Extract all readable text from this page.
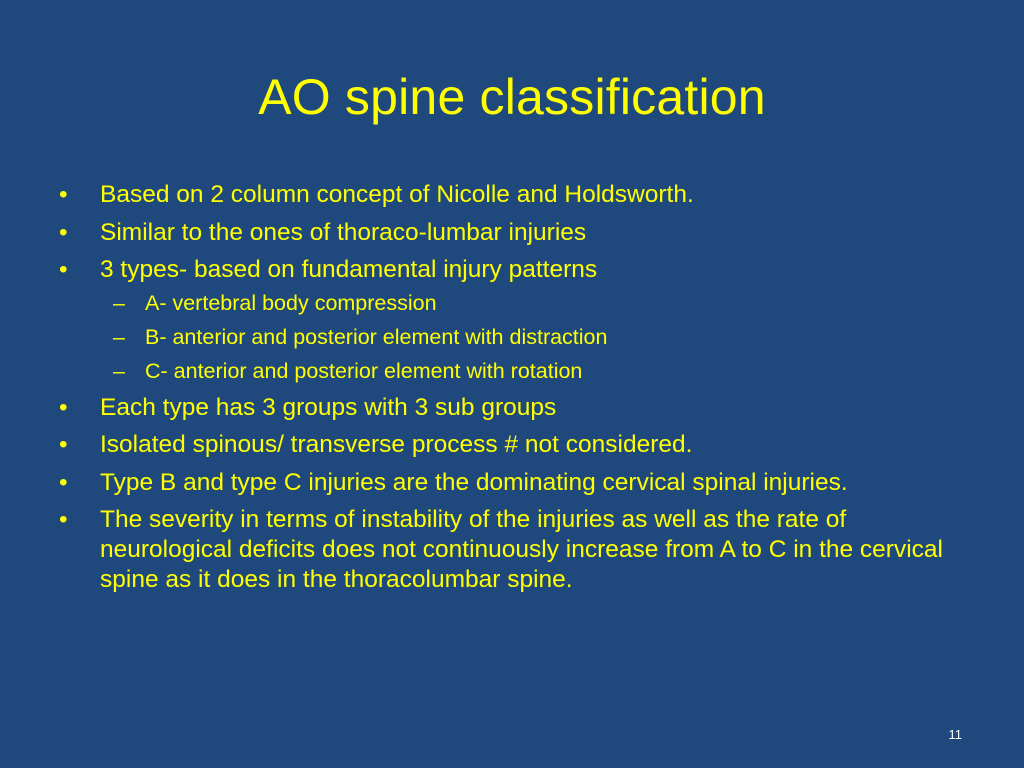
AO spine classification
• Based on 2 column concept of Nicolle and Holdsworth.
• Similar to the ones of thoraco-lumbar injuries
• 3 types- based on fundamental injury patterns
– A- vertebral body compression
– B- anterior and posterior element with distraction
– C- anterior and posterior element with rotation
• Each type has 3 groups with 3 sub groups
• Isolated spinous/ transverse process # not considered.
• Type B and type C injuries are the dominating cervical spinal injuries.
• The severity in terms of instability of the injuries as well as the rate of neurological deficits does not continuously increase from A to C in the cervical spine as it does in the thoracolumbar spine.
11
